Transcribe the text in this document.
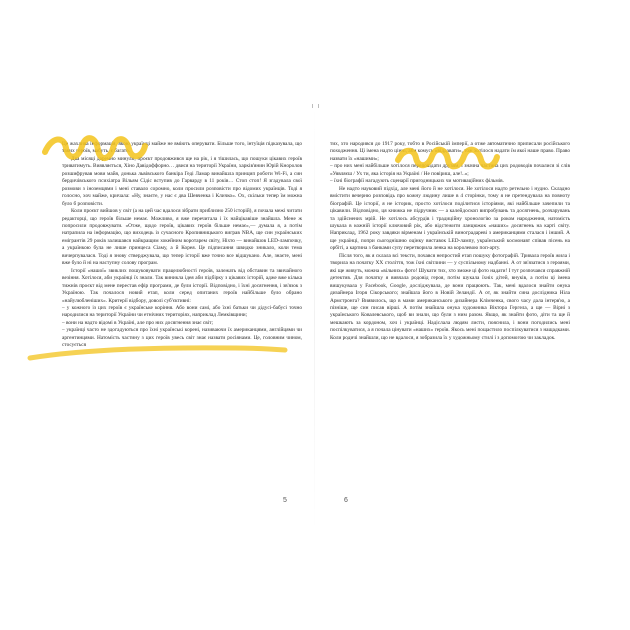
Це жахлива інформація, якою українці майже не вміють оперувати. Більше того, інтуїція підказувала, що таких героїв, мабуть, є багато.

Два місяці даремно минули, проєкт продовжився ще на рік, і я тішилась, що пошуки цікавих героїв триватимуть. Виявляється, Хіно Давідоффорно… двися на території України, харків'янин Юрій Кноролов розшифрував мови майя, донька львівського банкіра Геді Ламар винайшла принцип роботи Wi-Fi, а син бердичівського психіатра Вільям Сідіс вступив до Гарварду в 11 років… Стоп стоп! Я згадувала свої розмови з іноземцями і мені ставало соромно, коли просили розповісти про відомих українців. Тоді я голосно, хоч майже, кричала: «Ну, знаєте, у нас є два Шевченка і Кличко». Ох, скільки тепер їм можна було б розповісти.

Коли проєкт вийшов у світ (а на цей час вдалося зібрати приблизно 250 історій), я почала межі читати редакторці, що героїв більше немає. Можливо, я вже перечитала і їх найцікавіше знайшла. Мене ж попросили продовжувати. «Отже, щодо героїв, цікавих героїв більше немає»,— думала я, а потім натрапила на інформацію, що виходець із сучасного Кропивницького виграв NBA, ще син українських емігрантів 29 років залишався найкращим хокейним воротарем світу, Ніхто — винайшов LED-лампочку, а українкою була не лише принцеса Сіаму, а й Корея. Це підписання швидко зникало, коли тема вичерпувалася. Тоді я знову стверджувала, що тепер історії вже точно все відшукано. Але, знаєте, мені вже було й ні на наступну солову програм.

Історії «нашої» звиклих пошуковувати працелюбності героїв, залежать від обставин та звичайного везіння. Хотілося, аби українці їх знали. Так виникла ідея аби підбірку з цікавих історій, адже вже кілька тижнів проєкт від мене перестав ефір програми, де були історії. Відповідно, і їхні досягнення, і зв'язок з Україною. Так почалося новий етап, коли серед опитаних героїв найбільше було обрано «найулюбленіших». Критерії відбору, доволі суб'єктивні:

– у кожного із цих героїв є українське коріння. Або вони самі, або їхні батьки чи дідусі-бабусі точно народилися на території України чи етнічних територіях, наприклад Лемківщини;

– вони на надто відомі в Україні, але про них досягнення знає світ;

– українці часто не здогадуються про їхні українські корені, називаючи їх американцями, англійцями чи аргентинцями. Натомість частину з цих героїв увесь світ знає назвати росіянами. Це, головним чином, стосується

тих, хто народився до 1917 року, тобто в Російській імперії, а отже автоматично приписали російського походження. Ці імена надто цінні, аби комусь «віддавати», тож хотілося надати їм якої наше право. Право назвати їх «нашими»;

– про них мені найбільше хотілося переповідати друзям, і значна частина цих родоводів почалися зі слів «Уявляєш / Ух ти, яка історія на Україні / Не повіриш, але!..»;

– їхні біографії нагадують сценарії пригодницьких чи мотиваційних фільмів.

Не надто науковий підхід, але мені його й не хотілося. Не хотілося надто ретельно і нудно. Складно вмістити вечерню розповідь про кожну людину лише в 4 сторінки, тому я не претендувала на повноту біографій. Це історії, я не історик, просто хотілося поділитися історіями, які найбільше зачепили та цікавили. Відповідно, ця книжка не підручник — а калейдоскоп випробувань та досягнень, розчарувань та здійснених мрій. Не хотілось абсурдів і традиційну хронологію за роком народження, натомість шукала в кожній історії ключовий рік, або відстежити ланцюжок «наших» досягнень на карті світу. Наприклад, 1962 року завдяки вірменам і українській виноградареві з американцями сталася і інший. А ще українці, попри сьогоднішню оцінку виставок LED-лампу, український космонавт співав пісень на орбіті, а картина з банками супу перетворила ленка на королевою поп-арту.

Після того, як я склала всі тексти, почався непростий етап пошуку фотографій. Тривала героїв жила і творила на початку XX століття, тож їхні світлини — у суспільному надбанні. А от зв'язатися з героями, які ще живуть, можна «вільних» фото! Шукати тих, хто зможе ці фото надати! І тут розпочався справжній детектив. Для початку я вивчала родовід героя, потім шукала їхніх дітей, внуків, а потім ці імена вишукувала у Facebook, Google, досліджувала, де вони працюють. Так, мені вдалося знайти онука дизайнера Ігоря Сікорського; знайшла його в Новій Зеландії. А от, як знайти сина дослідника Ніла Армстронга? Виявилось, що в мами американського дизайнера Клімченка, свого часу дала інтерв'ю, а пізніше, ще син писав вірші. А потім знайшла онука художника Віктора Гергела, а ще — Вірні з українського Ковалевського, щоб ви знали, що були з ним разом. Якщо, як знайти фото, діти та ще й мешкають за кордоном, хоч і українці. Надіслала людям листи, пояснила, і вони погодились мені поспілкуватися, а я почала цінувати «наших» героїв. Якось мені пощастило поспілкуватися з нащадками. Коли родичі знайшли, що не вдалося, я зобразила їх у художньому стилі і з допомогою чи закладок.

5	6
